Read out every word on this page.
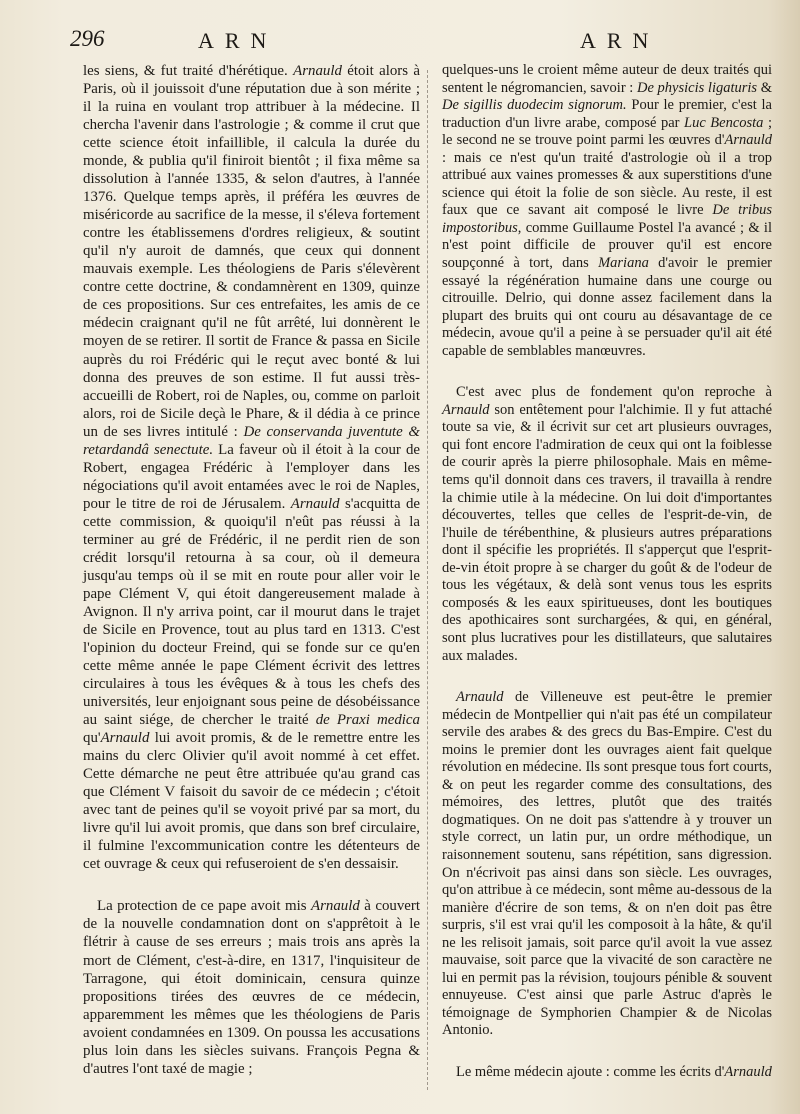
296	ARN	ARN

les siens, & fut traité d'hérétique. Arnauld étoit alors à Paris, où il jouissoit d'une réputation due à son mérite ; il la ruina en voulant trop attribuer à la médecine. Il chercha l'avenir dans l'astrologie ; & comme il crut que cette science étoit infaillible, il calcula la durée du monde, & publia qu'il finiroit bientôt ; il fixa même sa dissolution à l'année 1335, & selon d'autres, à l'année 1376. Quelque temps après, il préféra les œuvres de miséricorde au sacrifice de la messe, il s'éleva fortement contre les établissemens d'ordres religieux, & soutint qu'il n'y auroit de damnés, que ceux qui donnent mauvais exemple. Les théologiens de Paris s'élevèrent contre cette doctrine, & condamnèrent en 1309, quinze de ces propositions. Sur ces entrefaites, les amis de ce médecin craignant qu'il ne fût arrêté, lui donnèrent le moyen de se retirer. Il sortit de France & passa en Sicile auprès du roi Frédéric qui le reçut avec bonté & lui donna des preuves de son estime. Il fut aussi très-accueilli de Robert, roi de Naples, ou, comme on parloit alors, roi de Sicile deçà le Phare, & il dédia à ce prince un de ses livres intitulé : De conservanda juventute & retardandâ senectute. La faveur où il étoit à la cour de Robert, engagea Frédéric à l'employer dans les négociations qu'il avoit entamées avec le roi de Naples, pour le titre de roi de Jérusalem. Arnauld s'acquitta de cette commission, & quoiqu'il n'eût pas réussi à la terminer au gré de Frédéric, il ne perdit rien de son crédit lorsqu'il retourna à sa cour, où il demeura jusqu'au temps où il se mit en route pour aller voir le pape Clément V, qui étoit dangereusement malade à Avignon. Il n'y arriva point, car il mourut dans le trajet de Sicile en Provence, tout au plus tard en 1313. C'est l'opinion du docteur Freind, qui se fonde sur ce qu'en cette même année le pape Clément écrivit des lettres circulaires à tous les évêques & à tous les chefs des universités, leur enjoignant sous peine de désobéissance au saint siége, de chercher le traité de Praxi medica qu'Arnauld lui avoit promis, & de le remettre entre les mains du clerc Olivier qu'il avoit nommé à cet effet. Cette démarche ne peut être attribuée qu'au grand cas que Clément V faisoit du savoir de ce médecin ; c'étoit avec tant de peines qu'il se voyoit privé par sa mort, du livre qu'il lui avoit promis, que dans son bref circulaire, il fulmine l'excommunication contre les détenteurs de cet ouvrage & ceux qui refuseroient de s'en dessaisir.

La protection de ce pape avoit mis Arnauld à couvert de la nouvelle condamnation dont on s'apprêtoit à le flétrir à cause de ses erreurs ; mais trois ans après la mort de Clément, c'est-à-dire, en 1317, l'inquisiteur de Tarragone, qui étoit dominicain, censura quinze propositions tirées des œuvres de ce médecin, apparemment les mêmes que les théologiens de Paris avoient condamnées en 1309. On poussa les accusations plus loin dans les siècles suivans. François Pegna & d'autres l'ont taxé de magie ;

quelques-uns le croient même auteur de deux traités qui sentent le négromancien, savoir : De physicis ligaturis & De sigillis duodecim signorum. Pour le premier, c'est la traduction d'un livre arabe, composé par Luc Bencosta ; le second ne se trouve point parmi les œuvres d'Arnauld : mais ce n'est qu'un traité d'astrologie où il a trop attribué aux vaines promesses & aux superstitions d'une science qui étoit la folie de son siècle. Au reste, il est faux que ce savant ait composé le livre De tribus impostoribus, comme Guillaume Postel l'a avancé ; & il n'est point difficile de prouver qu'il est encore soupçonné à tort, dans Mariana d'avoir le premier essayé la régénération humaine dans une courge ou citrouille. Delrio, qui donne assez facilement dans la plupart des bruits qui ont couru au désavantage de ce médecin, avoue qu'il a peine à se persuader qu'il ait été capable de semblables manœuvres.

C'est avec plus de fondement qu'on reproche à Arnauld son entêtement pour l'alchimie. Il y fut attaché toute sa vie, & il écrivit sur cet art plusieurs ouvrages, qui font encore l'admiration de ceux qui ont la foiblesse de courir après la pierre philosophale. Mais en même-tems qu'il donnoit dans ces travers, il travailla à rendre la chimie utile à la médecine. On lui doit d'importantes découvertes, telles que celles de l'esprit-de-vin, de l'huile de térébenthine, & plusieurs autres préparations dont il spécifie les propriétés. Il s'apperçut que l'esprit-de-vin étoit propre à se charger du goût & de l'odeur de tous les végétaux, & delà sont venus tous les esprits composés & les eaux spiritueuses, dont les boutiques des apothicaires sont surchargées, & qui, en général, sont plus lucratives pour les distillateurs, que salutaires aux malades.

Arnauld de Villeneuve est peut-être le premier médecin de Montpellier qui n'ait pas été un compilateur servile des arabes & des grecs du Bas-Empire. C'est du moins le premier dont les ouvrages aient fait quelque révolution en médecine. Ils sont presque tous fort courts, & on peut les regarder comme des consultations, des mémoires, des lettres, plutôt que des traités dogmatiques. On ne doit pas s'attendre à y trouver un style correct, un latin pur, un ordre méthodique, un raisonnement soutenu, sans répétition, sans digression. On n'écrivoit pas ainsi dans son siècle. Les ouvrages, qu'on attribue à ce médecin, sont même au-dessous de la manière d'écrire de son tems, & on n'en doit pas être surpris, s'il est vrai qu'il les composoit à la hâte, & qu'il ne les relisoit jamais, soit parce qu'il avoit la vue assez mauvaise, soit parce que la vivacité de son caractère ne lui en permit pas la révision, toujours pénible & souvent ennuyeuse. C'est ainsi que parle Astruc d'après le témoignage de Symphorien Champier & de Nicolas Antonio.

Le même médecin ajoute : comme les écrits d'Arnauld
